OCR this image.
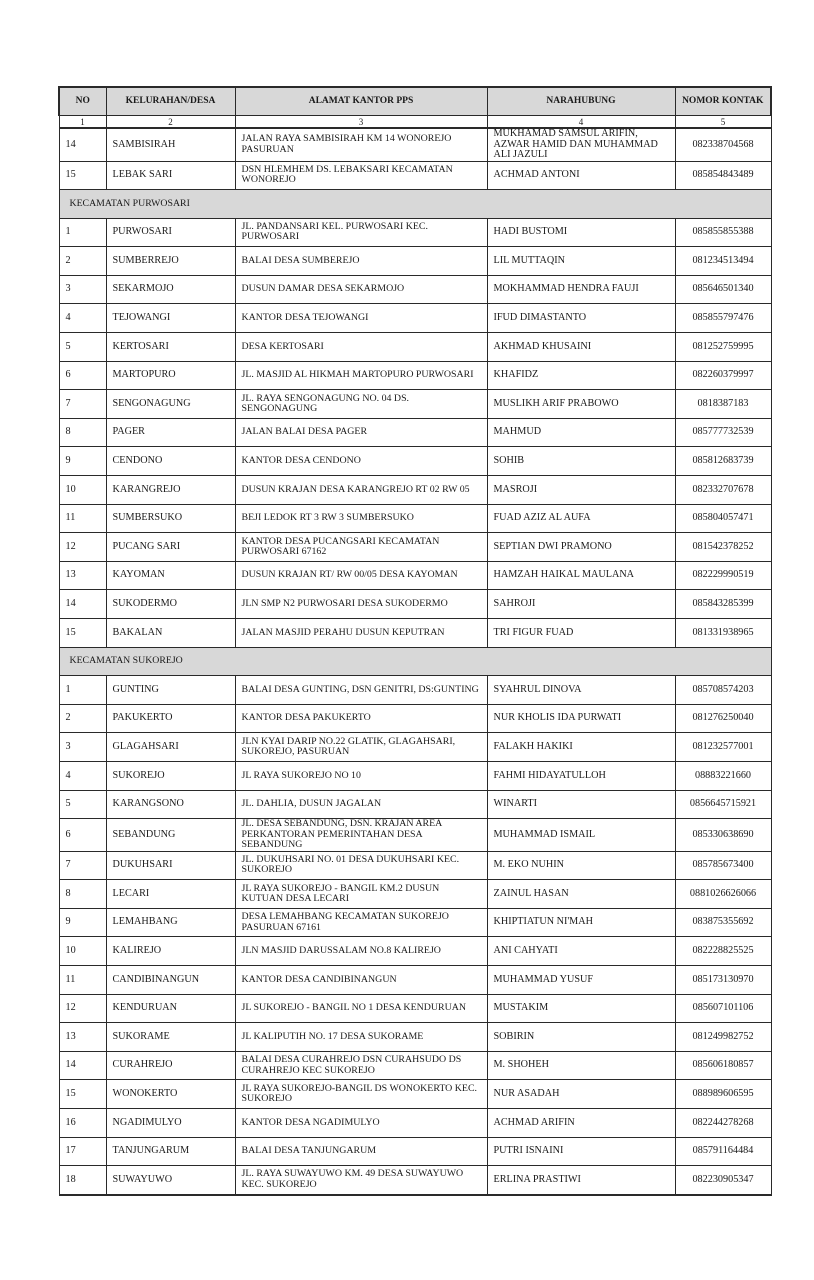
NO	KELURAHAN/DESA	ALAMAT KANTOR PPS	NARAHUBUNG	NOMOR KONTAK
1	2	3	4	5
14	SAMBISIRAH	JALAN RAYA SAMBISIRAH KM 14 WONOREJO PASURUAN	MUKHAMAD SAMSUL ARIFIN, AZWAR HAMID DAN MUHAMMAD ALI JAZULI	082338704568
15	LEBAK SARI	DSN HLEMHEM DS. LEBAKSARI KECAMATAN WONOREJO	ACHMAD ANTONI	085854843489
KECAMATAN PURWOSARI				
1	PURWOSARI	JL. PANDANSARI KEL. PURWOSARI KEC. PURWOSARI	HADI BUSTOMI	085855855388
2	SUMBERREJO	BALAI DESA SUMBEREJO	LIL MUTTAQIN	081234513494
3	SEKARMOJO	DUSUN DAMAR DESA SEKARMOJO	MOKHAMMAD HENDRA FAUJI	085646501340
4	TEJOWANGI	KANTOR DESA TEJOWANGI	IFUD DIMASTANTO	085855797476
5	KERTOSARI	DESA KERTOSARI	AKHMAD KHUSAINI	081252759995
6	MARTOPURO	JL. MASJID AL HIKMAH MARTOPURO PURWOSARI	KHAFIDZ	082260379997
7	SENGONAGUNG	JL. RAYA SENGONAGUNG NO. 04 DS. SENGONAGUNG	MUSLIKH ARIF PRABOWO	0818387183
8	PAGER	JALAN BALAI DESA PAGER	MAHMUD	085777732539
9	CENDONO	KANTOR DESA CENDONO	SOHIB	085812683739
10	KARANGREJO	DUSUN KRAJAN DESA KARANGREJO RT 02 RW 05	MASROJI	082332707678
11	SUMBERSUKO	BEJI LEDOK RT 3 RW 3 SUMBERSUKO	FUAD AZIZ AL AUFA	085804057471
12	PUCANG SARI	KANTOR DESA PUCANGSARI KECAMATAN PURWOSARI 67162	SEPTIAN DWI PRAMONO	081542378252
13	KAYOMAN	DUSUN KRAJAN RT/ RW 00/05 DESA KAYOMAN	HAMZAH HAIKAL MAULANA	082229990519
14	SUKODERMO	JLN SMP N2 PURWOSARI DESA SUKODERMO	SAHROJI	085843285399
15	BAKALAN	JALAN MASJID PERAHU DUSUN KEPUTRAN	TRI FIGUR FUAD	081331938965
KECAMATAN SUKOREJO				
1	GUNTING	BALAI DESA GUNTING, DSN GENITRI, DS:GUNTING	SYAHRUL DINOVA	085708574203
2	PAKUKERTO	KANTOR DESA PAKUKERTO	NUR KHOLIS IDA PURWATI	081276250040
3	GLAGAHSARI	JLN KYAI DARIP NO.22 GLATIK, GLAGAHSARI, SUKOREJO, PASURUAN	FALAKH HAKIKI	081232577001
4	SUKOREJO	JL RAYA SUKOREJO NO 10	FAHMI HIDAYATULLOH	08883221660
5	KARANGSONO	JL. DAHLIA, DUSUN JAGALAN	WINARTI	0856645715921
6	SEBANDUNG	JL. DESA SEBANDUNG, DSN. KRAJAN AREA PERKANTORAN PEMERINTAHAN DESA SEBANDUNG	MUHAMMAD ISMAIL	085330638690
7	DUKUHSARI	JL. DUKUHSARI NO. 01 DESA DUKUHSARI KEC. SUKOREJO	M. EKO NUHIN	085785673400
8	LECARI	JL RAYA SUKOREJO - BANGIL KM.2 DUSUN KUTUAN DESA LECARI	ZAINUL HASAN	0881026626066
9	LEMAHBANG	DESA LEMAHBANG KECAMATAN SUKOREJO PASURUAN 67161	KHIPTIATUN NI'MAH	083875355692
10	KALIREJO	JLN MASJID DARUSSALAM NO.8 KALIREJO	ANI CAHYATI	082228825525
11	CANDIBINANGUN	KANTOR DESA CANDIBINANGUN	MUHAMMAD YUSUF	085173130970
12	KENDURUAN	JL SUKOREJO - BANGIL NO 1 DESA KENDURUAN	MUSTAKIM	085607101106
13	SUKORAME	JL KALIPUTIH NO. 17 DESA SUKORAME	SOBIRIN	081249982752
14	CURAHREJO	BALAI DESA CURAHREJO DSN CURAHSUDO DS CURAHREJO KEC SUKOREJO	M. SHOHEH	085606180857
15	WONOKERTO	JL RAYA SUKOREJO-BANGIL DS WONOKERTO KEC. SUKOREJO	NUR ASADAH	088989606595
16	NGADIMULYO	KANTOR DESA NGADIMULYO	ACHMAD ARIFIN	082244278268
17	TANJUNGARUM	BALAI DESA TANJUNGARUM	PUTRI ISNAINI	085791164484
18	SUWAYUWO	JL. RAYA SUWAYUWO KM. 49 DESA SUWAYUWO KEC. SUKOREJO	ERLINA PRASTIWI	082230905347
